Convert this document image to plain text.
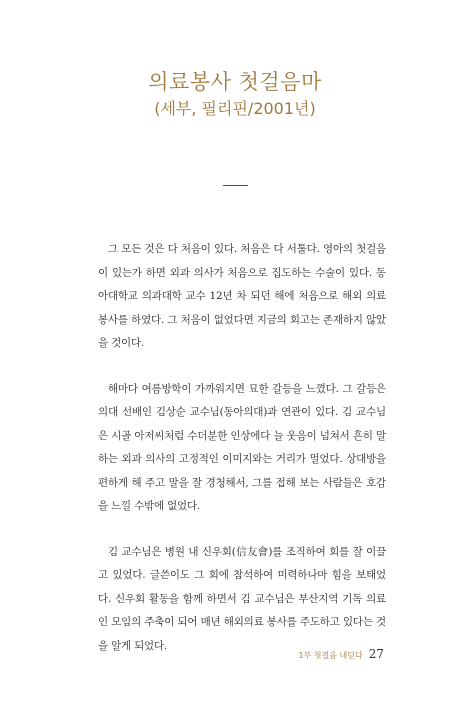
의료봉사 첫걸음마
(세부, 필리핀/2001년)

그 모든 것은 다 처음이 있다. 처음은 다 서툴다. 영아의 첫걸음이 있는가 하면 외과 의사가 처음으로 집도하는 수술이 있다. 동아대학교 의과대학 교수 12년 차 되던 해에 처음으로 해외 의료봉사를 하였다. 그 처음이 없었다면 지금의 회고는 존재하지 않았을 것이다.

해마다 여름방학이 가까워지면 묘한 갈등을 느꼈다. 그 갈등은 의대 선배인 김상순 교수님(동아의대)과 연관이 있다. 김 교수님은 시골 아저씨처럼 수더분한 인상에다 늘 웃음이 넘쳐서 흔히 말하는 외과 의사의 고정적인 이미지와는 거리가 멀었다. 상대방을 편하게 해 주고 말을 잘 경청해서, 그를 접해 보는 사람들은 호감을 느낄 수밖에 없었다.

김 교수님은 병원 내 신우회(信友會)를 조직하여 회를 잘 이끌고 있었다. 글쓴이도 그 회에 참석하여 미력하나마 힘을 보태었다. 신우회 활동을 함께 하면서 김 교수님은 부산지역 기독 의료인 모임의 주축이 되어 매년 해외의료 봉사를 주도하고 있다는 것을 알게 되었다.

1부 첫걸음 내딛다 27
